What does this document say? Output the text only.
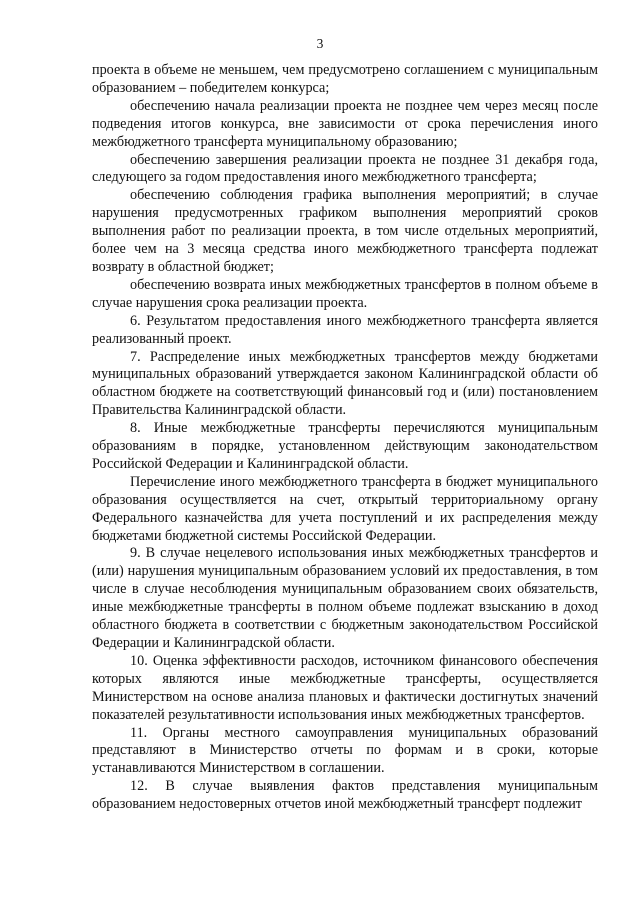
3

проекта в объеме не меньшем, чем предусмотрено соглашением с муниципальным образованием – победителем конкурса;

обеспечению начала реализации проекта не позднее чем через месяц после подведения итогов конкурса, вне зависимости от срока перечисления иного межбюджетного трансферта муниципальному образованию;

обеспечению завершения реализации проекта не позднее 31 декабря года, следующего за годом предоставления иного межбюджетного трансферта;

обеспечению соблюдения графика выполнения мероприятий; в случае нарушения предусмотренных графиком выполнения мероприятий сроков выполнения работ по реализации проекта, в том числе отдельных мероприятий, более чем на 3 месяца средства иного межбюджетного трансферта подлежат возврату в областной бюджет;

обеспечению возврата иных межбюджетных трансфертов в полном объеме в случае нарушения срока реализации проекта.

6. Результатом предоставления иного межбюджетного трансферта является реализованный проект.

7. Распределение иных межбюджетных трансфертов между бюджетами муниципальных образований утверждается законом Калининградской области об областном бюджете на соответствующий финансовый год и (или) постановлением Правительства Калининградской области.

8. Иные межбюджетные трансферты перечисляются муниципальным образованиям в порядке, установленном действующим законодательством Российской Федерации и Калининградской области.

Перечисление иного межбюджетного трансферта в бюджет муниципального образования осуществляется на счет, открытый территориальному органу Федерального казначейства для учета поступлений и их распределения между бюджетами бюджетной системы Российской Федерации.

9. В случае нецелевого использования иных межбюджетных трансфертов и (или) нарушения муниципальным образованием условий их предоставления, в том числе в случае несоблюдения муниципальным образованием своих обязательств, иные межбюджетные трансферты в полном объеме подлежат взысканию в доход областного бюджета в соответствии с бюджетным законодательством Российской Федерации и Калининградской области.

10. Оценка эффективности расходов, источником финансового обеспечения которых являются иные межбюджетные трансферты, осуществляется Министерством на основе анализа плановых и фактически достигнутых значений показателей результативности использования иных межбюджетных трансфертов.

11. Органы местного самоуправления муниципальных образований представляют в Министерство отчеты по формам и в сроки, которые устанавливаются Министерством в соглашении.

12. В случае выявления фактов представления муниципальным образованием недостоверных отчетов иной межбюджетный трансферт подлежит
